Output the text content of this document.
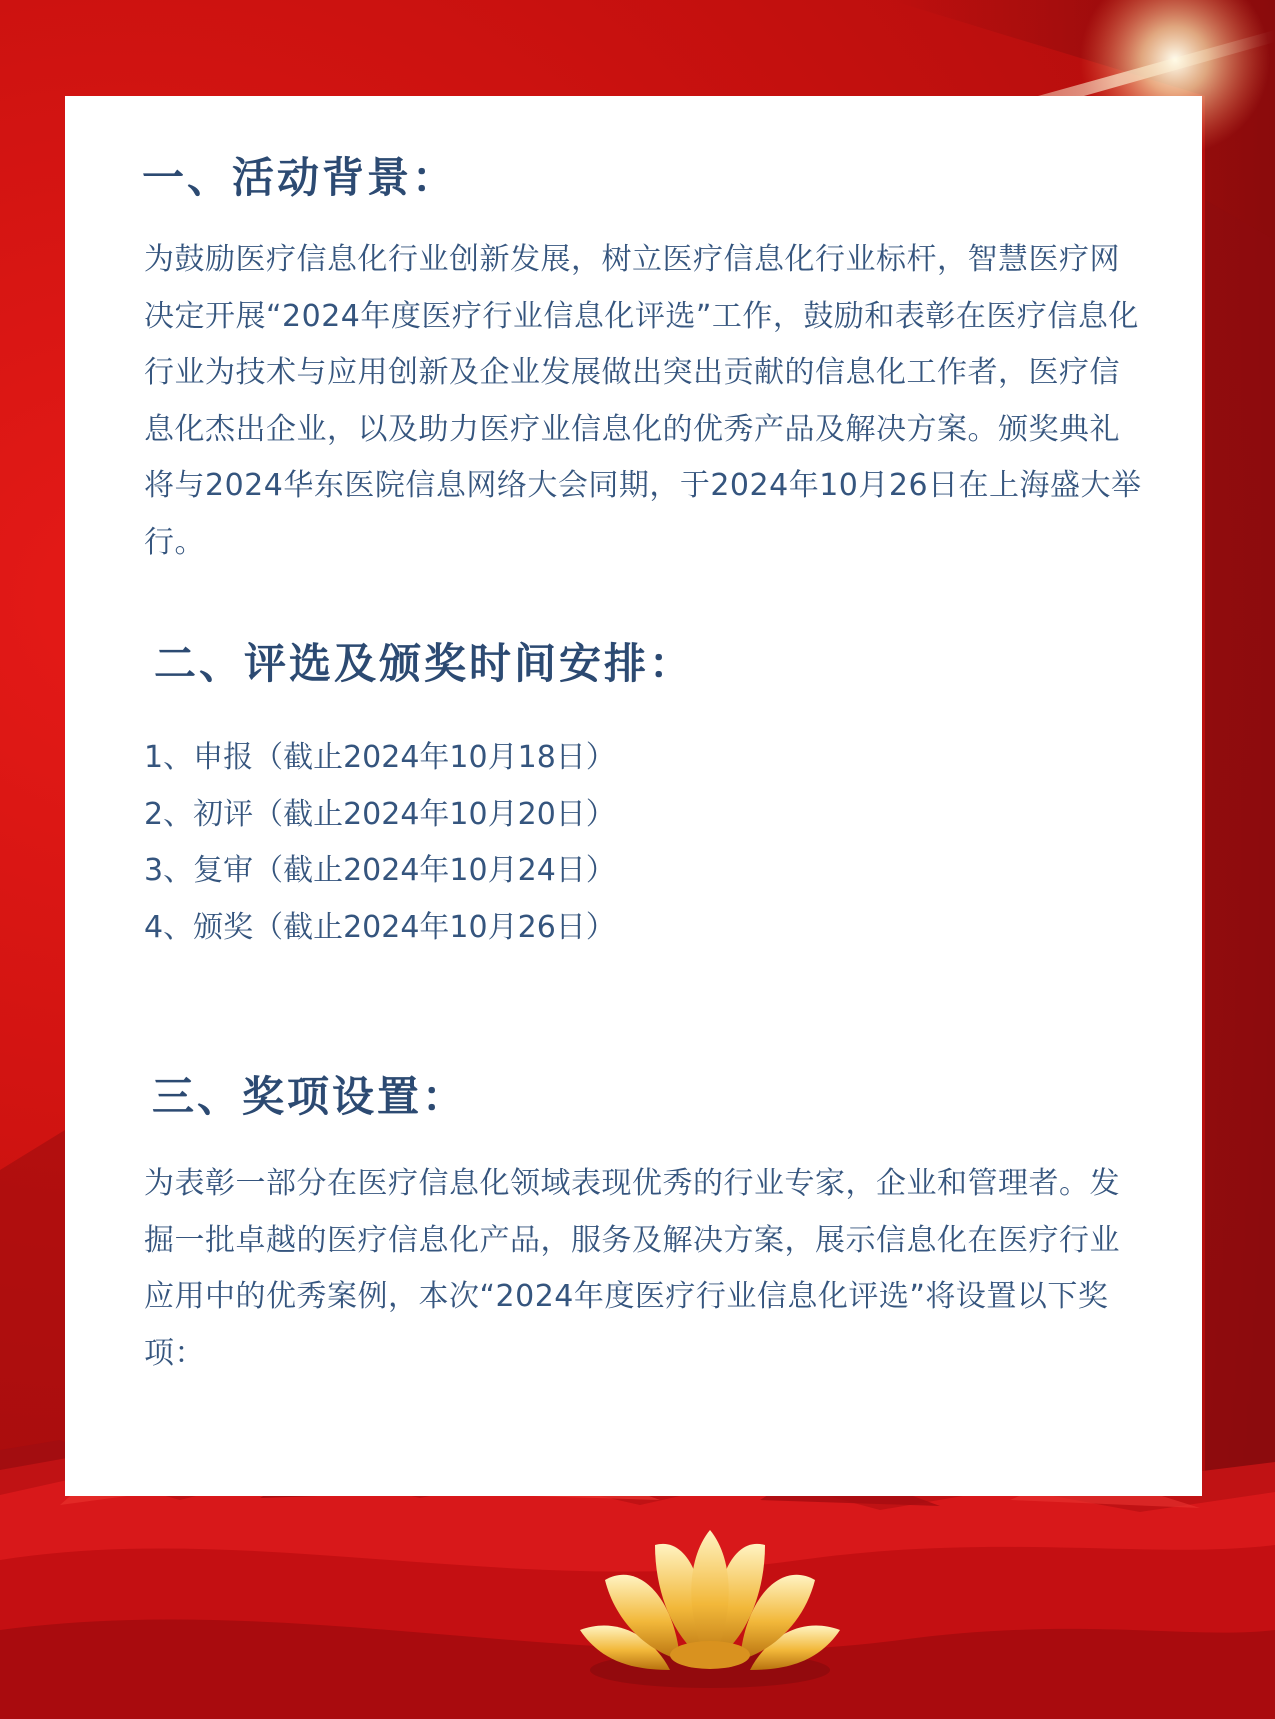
一、活动背景：

为鼓励医疗信息化行业创新发展，树立医疗信息化行业标杆，智慧医疗网决定开展“2024年度医疗行业信息化评选”工作，鼓励和表彰在医疗信息化行业为技术与应用创新及企业发展做出突出贡献的信息化工作者，医疗信息化杰出企业，以及助力医疗业信息化的优秀产品及解决方案。颁奖典礼将与2024华东医院信息网络大会同期，于2024年10月26日在上海盛大举行。

二、评选及颁奖时间安排：
1、申报（截止2024年10月18日）
2、初评（截止2024年10月20日）
3、复审（截止2024年10月24日）
4、颁奖（截止2024年10月26日）
三、奖项设置：

为表彰一部分在医疗信息化领域表现优秀的行业专家，企业和管理者。发掘一批卓越的医疗信息化产品，服务及解决方案，展示信息化在医疗行业应用中的优秀案例，本次“2024年度医疗行业信息化评选”将设置以下奖项：
